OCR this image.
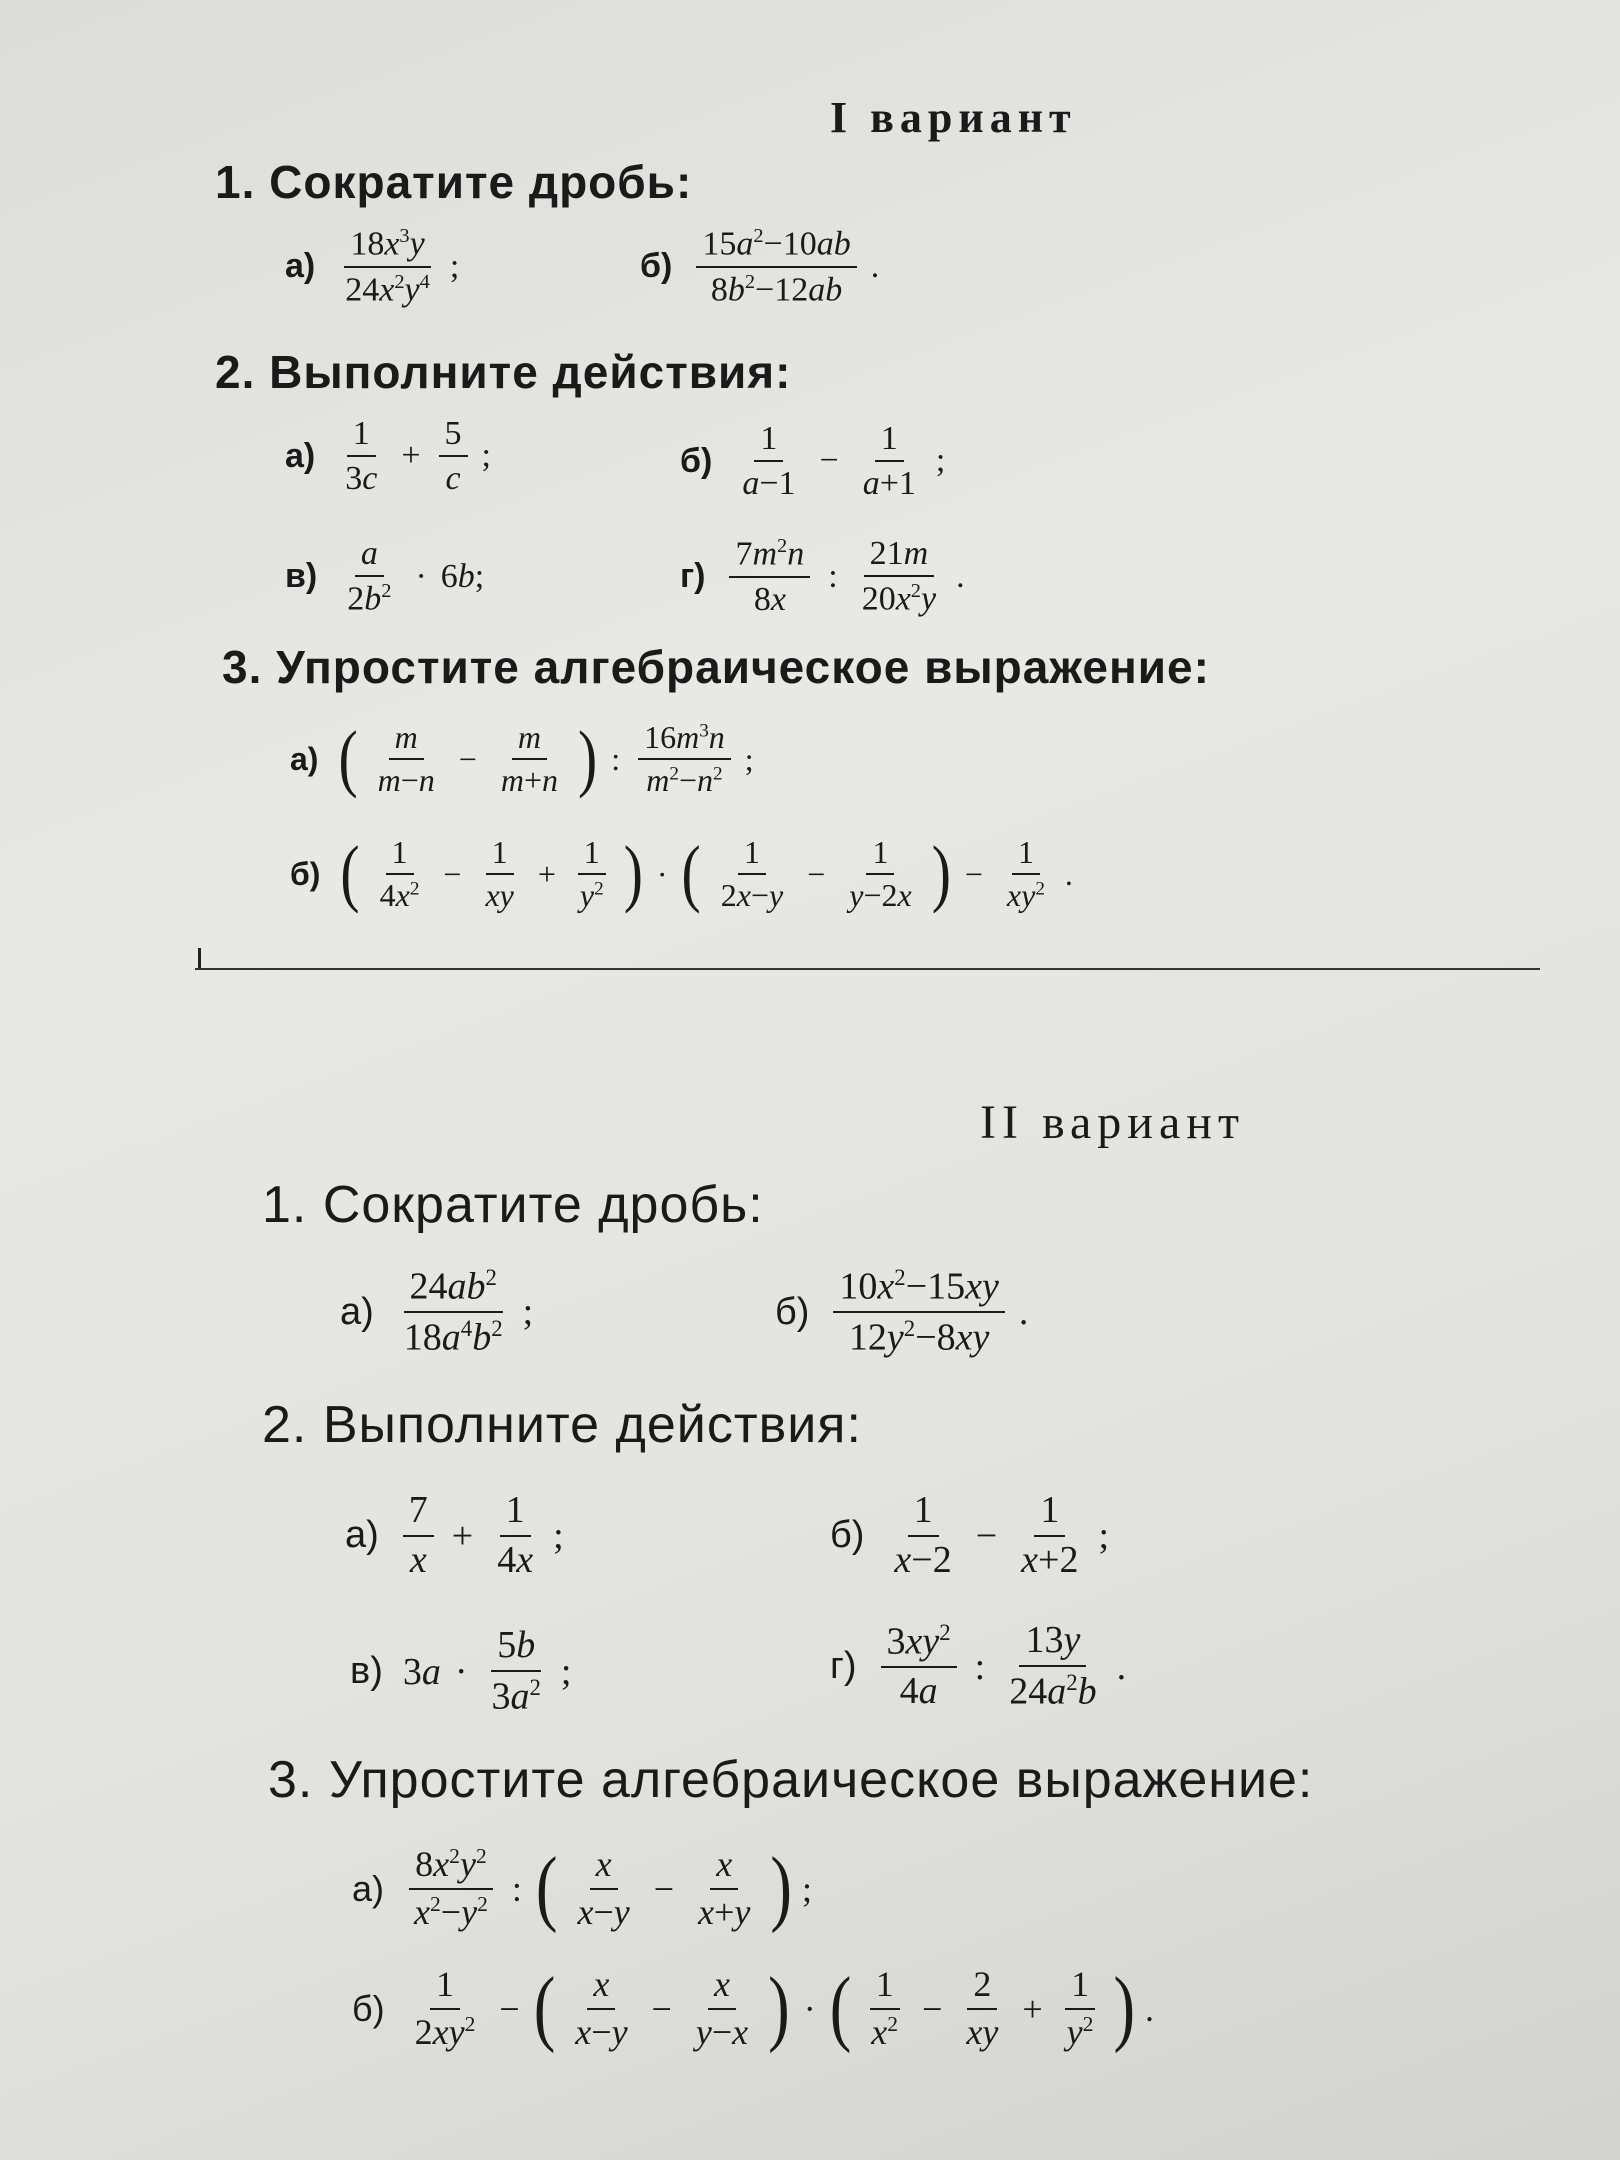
I вариант
1. Сократите дробь:
$а) \frac{18x^3y}{24x^2y^4}$ ;	$б) \frac{15a^2-10ab}{8b^2-12ab}$ .
2. Выполните действия:
$а) \frac{1}{3c} + \frac{5}{c}$ ;	$б) \frac{1}{a-1} - \frac{1}{a+1}$ ;
$в) \frac{a}{2b^2} \cdot 6b$;	$г) \frac{7m^2n}{8x}$ : $\frac{21m}{20x^2y}$ .
3. Упростите алгебраическое выражение:
а) ( $\frac{m}{m-n} - \frac{m}{m+n}$ ) : $\frac{16m^3n}{m^2-n^2}$ ;
б) ( $\frac{1}{4x^2} - \frac{1}{xy} + \frac{1}{y^2}$ ) · ( $\frac{1}{2x-y} - \frac{1}{y-2x}$ ) − $\frac{1}{xy^2}$ .
II вариант
1. Сократите дробь:
$а) \frac{24ab^2}{18a^4b^2}$ ;	$б) \frac{10x^2-15xy}{12y^2-8xy}$ .
2. Выполните действия:
$а) \frac{7}{x} + \frac{1}{4x}$ ;	$б) \frac{1}{x-2} - \frac{1}{x+2}$ ;
в) $3a \cdot \frac{5b}{3a^2}$ ;	$г) \frac{3xy^2}{4a}$ : $\frac{13y}{24a^2b}$ .
3. Упростите алгебраическое выражение:
$а) \frac{8x^2y^2}{x^2-y^2}$ : ( $\frac{x}{x-y} - \frac{x}{x+y}$ ) ;
$б) \frac{1}{2xy^2}$ − ( $\frac{x}{x-y} - \frac{x}{y-x}$ ) · ( $\frac{1}{x^2} - \frac{2}{xy} + \frac{1}{y^2}$ ) .
